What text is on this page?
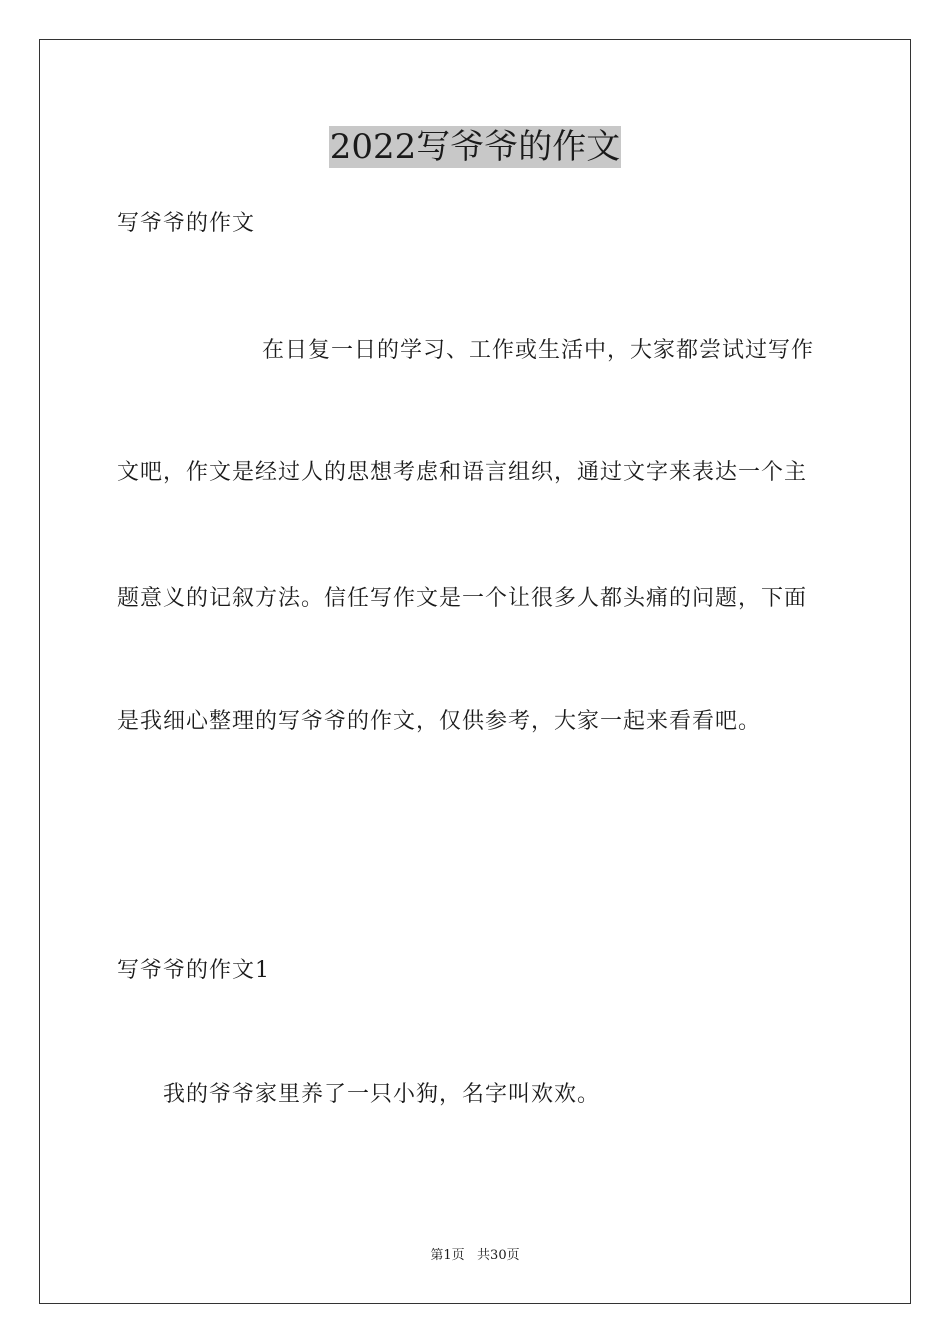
2022写爷爷的作文
写爷爷的作文
在日复一日的学习、工作或生活中，大家都尝试过写作
文吧，作文是经过人的思想考虑和语言组织，通过文字来表达一个主
题意义的记叙方法。信任写作文是一个让很多人都头痛的问题，下面
是我细心整理的写爷爷的作文，仅供参考，大家一起来看看吧。
写爷爷的作文1
我的爷爷家里养了一只小狗，名字叫欢欢。
第1页   共30页
